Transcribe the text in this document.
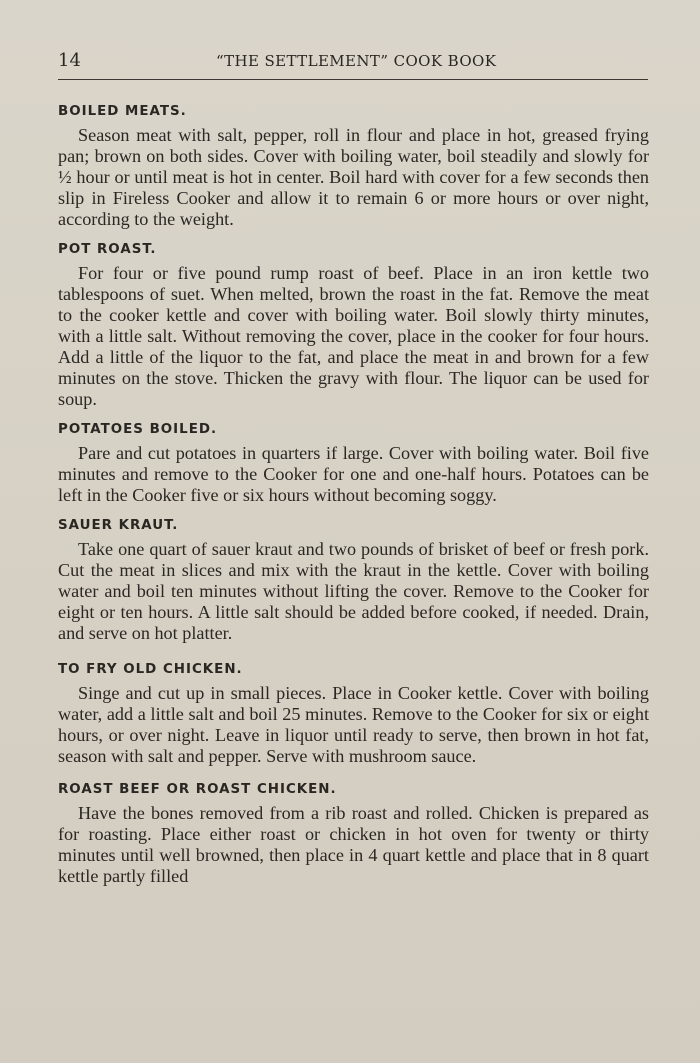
14	“THE SETTLEMENT” COOK BOOK
BOILED MEATS.

Season meat with salt, pepper, roll in flour and place in hot, greased frying pan; brown on both sides. Cover with boiling water, boil steadily and slowly for ½ hour or until meat is hot in center. Boil hard with cover for a few seconds then slip in Fireless Cooker and allow it to remain 6 or more hours or over night, according to the weight.

POT ROAST.

For four or five pound rump roast of beef. Place in an iron kettle two tablespoons of suet. When melted, brown the roast in the fat. Remove the meat to the cooker kettle and cover with boiling water. Boil slowly thirty minutes, with a little salt. Without removing the cover, place in the cooker for four hours. Add a little of the liquor to the fat, and place the meat in and brown for a few minutes on the stove. Thicken the gravy with flour. The liquor can be used for soup.

POTATOES BOILED.

Pare and cut potatoes in quarters if large. Cover with boiling water. Boil five minutes and remove to the Cooker for one and one-half hours. Potatoes can be left in the Cooker five or six hours without becoming soggy.

SAUER KRAUT.

Take one quart of sauer kraut and two pounds of brisket of beef or fresh pork. Cut the meat in slices and mix with the kraut in the kettle. Cover with boiling water and boil ten minutes without lifting the cover. Remove to the Cooker for eight or ten hours. A little salt should be added before cooked, if needed. Drain, and serve on hot platter.

TO FRY OLD CHICKEN.

Singe and cut up in small pieces. Place in Cooker kettle. Cover with boiling water, add a little salt and boil 25 minutes. Remove to the Cooker for six or eight hours, or over night. Leave in liquor until ready to serve, then brown in hot fat, season with salt and pepper. Serve with mushroom sauce.

ROAST BEEF OR ROAST CHICKEN.

Have the bones removed from a rib roast and rolled. Chicken is prepared as for roasting. Place either roast or chicken in hot oven for twenty or thirty minutes until well browned, then place in 4 quart kettle and place that in 8 quart kettle partly filled
